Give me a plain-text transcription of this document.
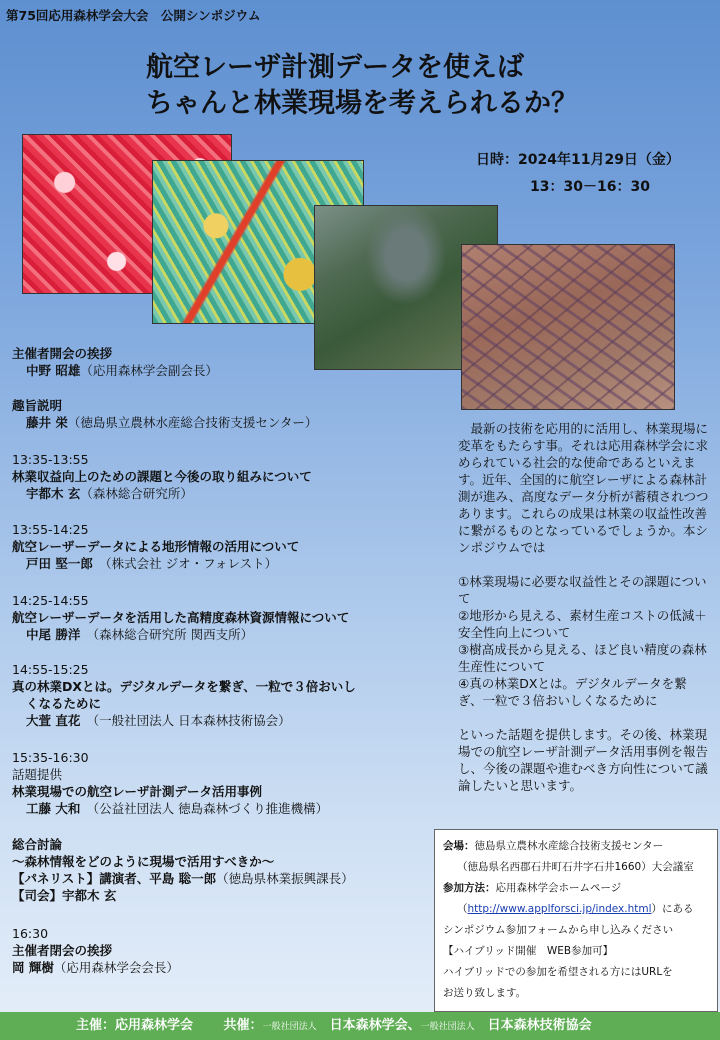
第75回応用森林学会大会　公開シンポジウム
航空レーザ計測データを使えば
ちゃんと林業現場を考えられるか？
日時：2024年11月29日（金）
13：30－16：30
主催者開会の挨拶
中野 昭雄（応用森林学会副会長）
趣旨説明
藤井 栄（徳島県立農林水産総合技術支援センター）
13:35-13:55
林業収益向上のための課題と今後の取り組みについて
宇都木 玄（森林総合研究所）
13:55-14:25
航空レーザーデータによる地形情報の活用について
戸田 堅一郎　 （株式会社 ジオ・フォレスト）
14:25-14:55
航空レーザーデータを活用した高精度森林資源情報について
中尾 勝洋　 （森林総合研究所 関西支所）
14:55-15:25
真の林業DXとは。デジタルデータを繋ぎ、一粒で３倍おいし
くなるために
大萱 直花　 （一般社団法人 日本森林技術協会）
15:35-16:30
話題提供
林業現場での航空レーザ計測データ活用事例
工藤 大和　 （公益社団法人 徳島森林づくり推進機構）
総合討論
～森林情報をどのように現場で活用すべきか～
【パネリスト】講演者、平島 聡一郎（徳島県林業振興課長）
【司会】宇都木 玄
16:30
主催者閉会の挨拶
岡 輝樹（応用森林学会会長）

　最新の技術を応用的に活用し、林業現場に変革をもたらす事。それは応用森林学会に求められている社会的な使命であるといえます。近年、全国的に航空レーザによる森林計測が進み、高度なデータ分析が蓄積されつつあります。これらの成果は林業の収益性改善に繋がるものとなっているでしょうか。本シンポジウムでは

①林業現場に必要な収益性とその課題について

②地形から見える、素材生産コストの低減＋安全性向上について

③樹高成長から見える、ほど良い精度の森林生産性について

④真の林業DXとは。デジタルデータを繋ぎ、一粒で３倍おいしくなるために

といった話題を提供します。その後、林業現場での航空レーザ計測データ活用事例を報告し、今後の課題や進むべき方向性について議論したいと思います。

会場：徳島県立農林水産総合技術支援センター
（徳島県名西郡石井町石井字石井1660）大会議室
参加方法：応用森林学会ホームページ
（http://www.applforsci.jp/index.html）にある
シンポジウム参加フォームから申し込みください
【ハイブリッド開催　WEB参加可】
ハイブリッドでの参加を希望される方にはURLを
お送り致します。
主催：応用森林学会　　 共催：一般社団法人　 日本森林学会、一般社団法人　 日本森林技術協会
